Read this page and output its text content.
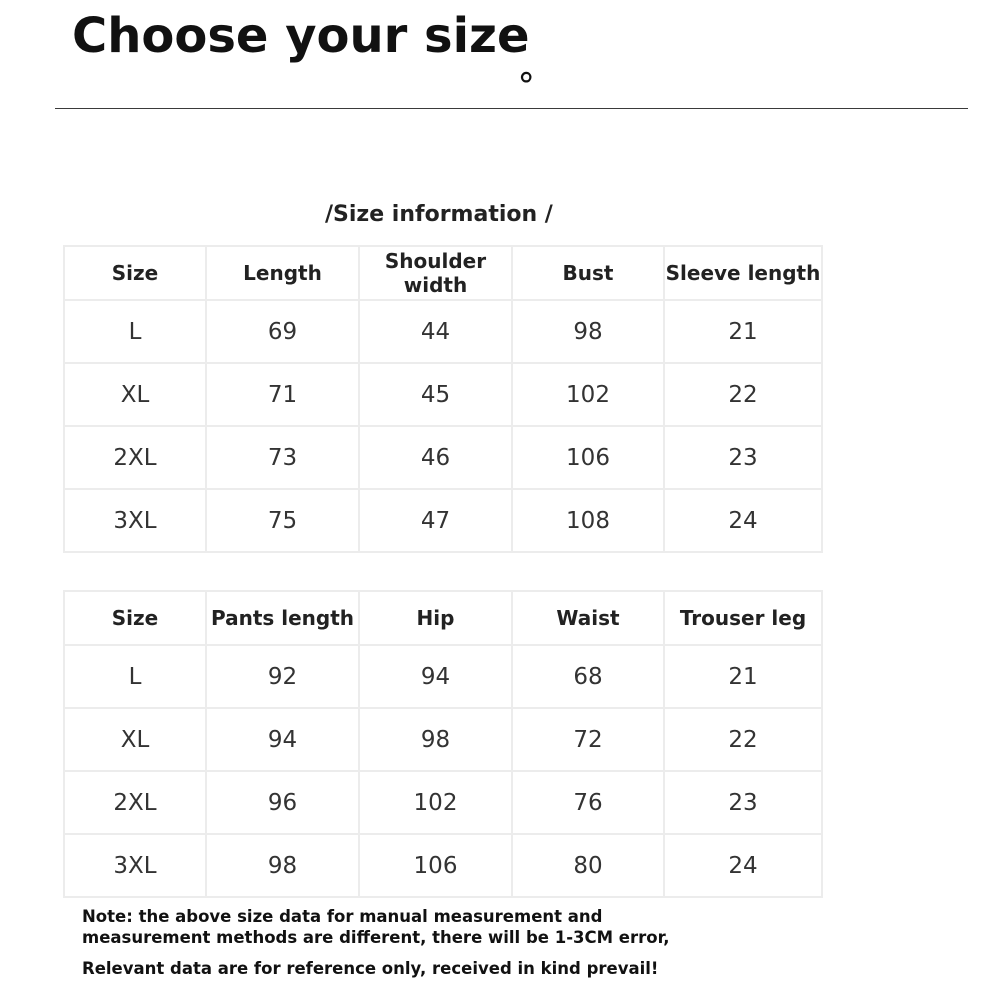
Choose your size
。
/Size information /
Size	Length	Shoulder width	Bust	Sleeve length
L	69	44	98	21
XL	71	45	102	22
2XL	73	46	106	23
3XL	75	47	108	24
Size	Pants length	Hip	Waist	Trouser leg
L	92	94	68	21
XL	94	98	72	22
2XL	96	102	76	23
3XL	98	106	80	24
Note: the above size data for manual measurement and
measurement methods are different, there will be 1-3CM error,
Relevant data are for reference only, received in kind prevail!
